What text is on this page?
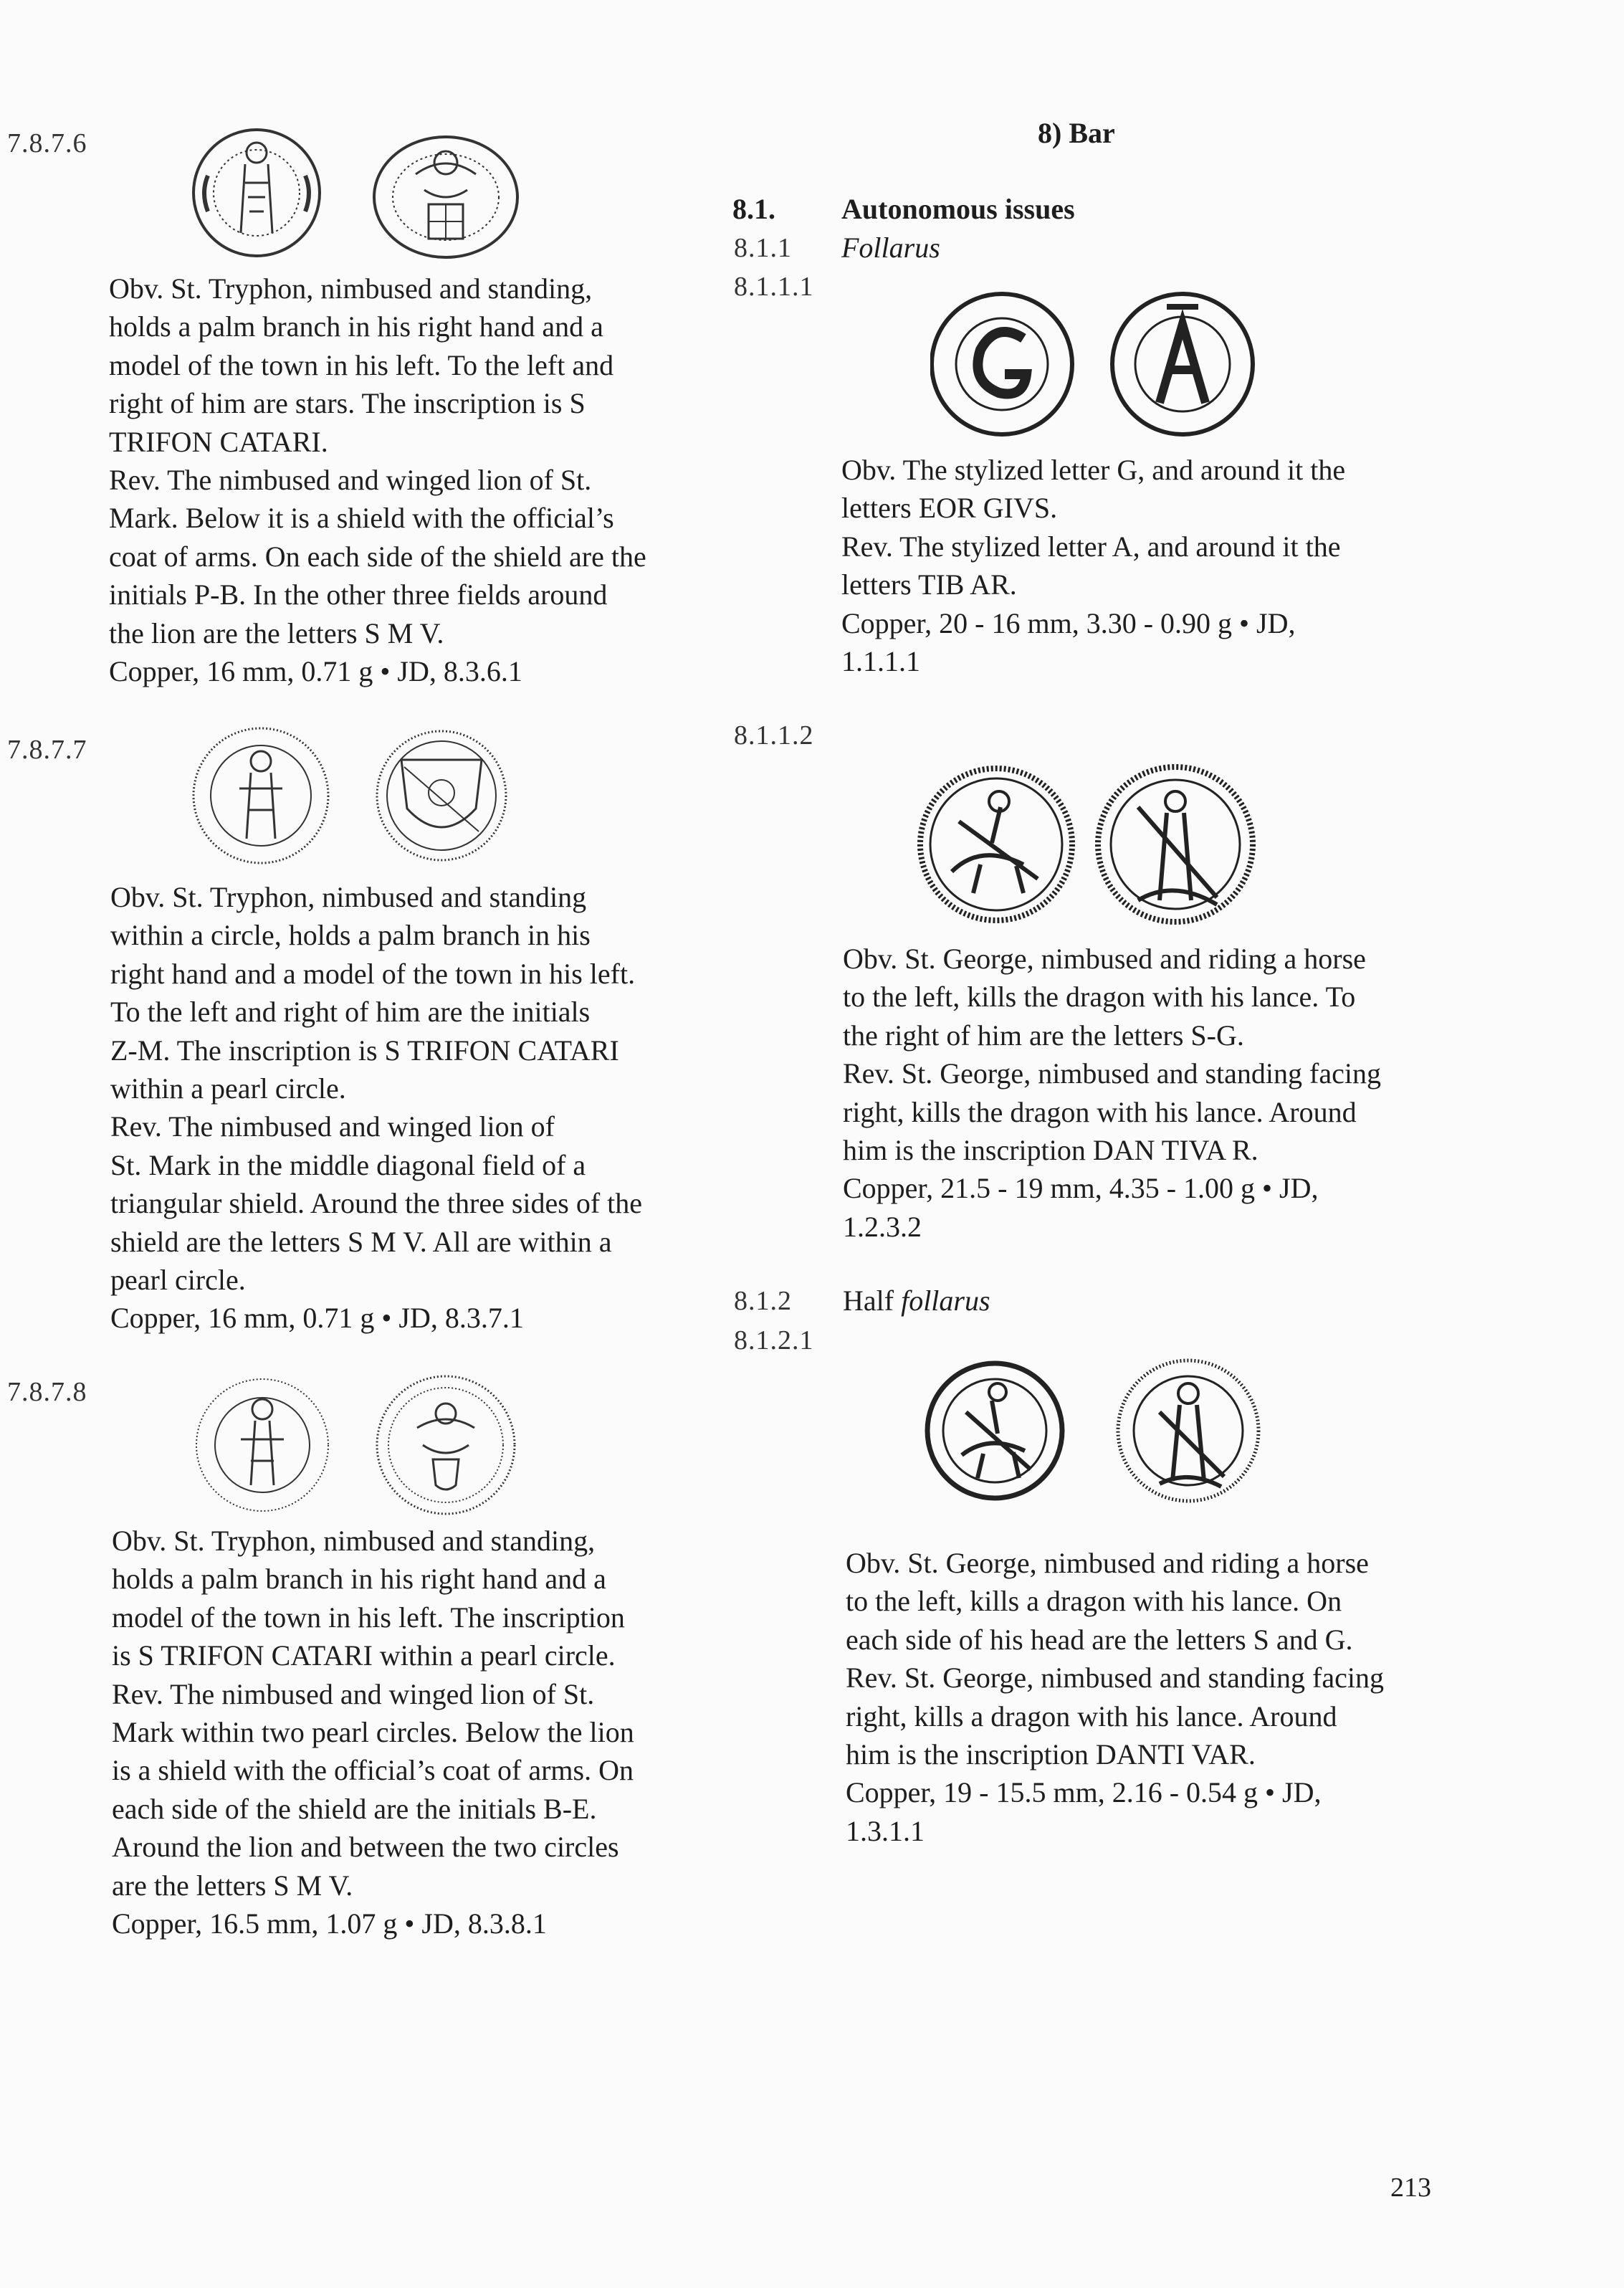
7.8.7.6
Obv. St. Tryphon, nimbused and standing,
holds a palm branch in his right hand and a
model of the town in his left. To the left and
right of him are stars. The inscription is S
TRIFON CATARI.
Rev. The nimbused and winged lion of St.
Mark. Below it is a shield with the official’s
coat of arms. On each side of the shield are the
initials P-B. In the other three fields around
the lion are the letters S M V.
Copper, 16 mm, 0.71 g • JD, 8.3.6.1
7.8.7.7
Obv. St. Tryphon, nimbused and standing
within a circle, holds a palm branch in his
right hand and a model of the town in his left.
To the left and right of him are the initials
Z-M. The inscription is S TRIFON CATARI
within a pearl circle.
Rev. The nimbused and winged lion of
St. Mark in the middle diagonal field of a
triangular shield. Around the three sides of the
shield are the letters S M V. All are within a
pearl circle.
Copper, 16 mm, 0.71 g • JD, 8.3.7.1
7.8.7.8
Obv. St. Tryphon, nimbused and standing,
holds a palm branch in his right hand and a
model of the town in his left. The inscription
is S TRIFON CATARI within a pearl circle.
Rev. The nimbused and winged lion of St.
Mark within two pearl circles. Below the lion
is a shield with the official’s coat of arms. On
each side of the shield are the initials B-E.
Around the lion and between the two circles
are the letters S M V.
Copper, 16.5 mm, 1.07 g • JD, 8.3.8.1
8) Bar
8.1. Autonomous issues
8.1.1 Follarus
8.1.1.1
Obv. The stylized letter G, and around it the
letters EOR GIVS.
Rev. The stylized letter A, and around it the
letters TIB AR.
Copper, 20 - 16 mm, 3.30 - 0.90 g • JD,
1.1.1.1
8.1.1.2
Obv. St. George, nimbused and riding a horse
to the left, kills the dragon with his lance. To
the right of him are the letters S-G.
Rev. St. George, nimbused and standing facing
right, kills the dragon with his lance. Around
him is the inscription DAN TIVA R.
Copper, 21.5 - 19 mm, 4.35 - 1.00 g • JD,
1.2.3.2
8.1.2 Half follarus
8.1.2.1
Obv. St. George, nimbused and riding a horse
to the left, kills a dragon with his lance. On
each side of his head are the letters S and G.
Rev. St. George, nimbused and standing facing
right, kills a dragon with his lance. Around
him is the inscription DANTI VAR.
Copper, 19 - 15.5 mm, 2.16 - 0.54 g • JD,
1.3.1.1
213
